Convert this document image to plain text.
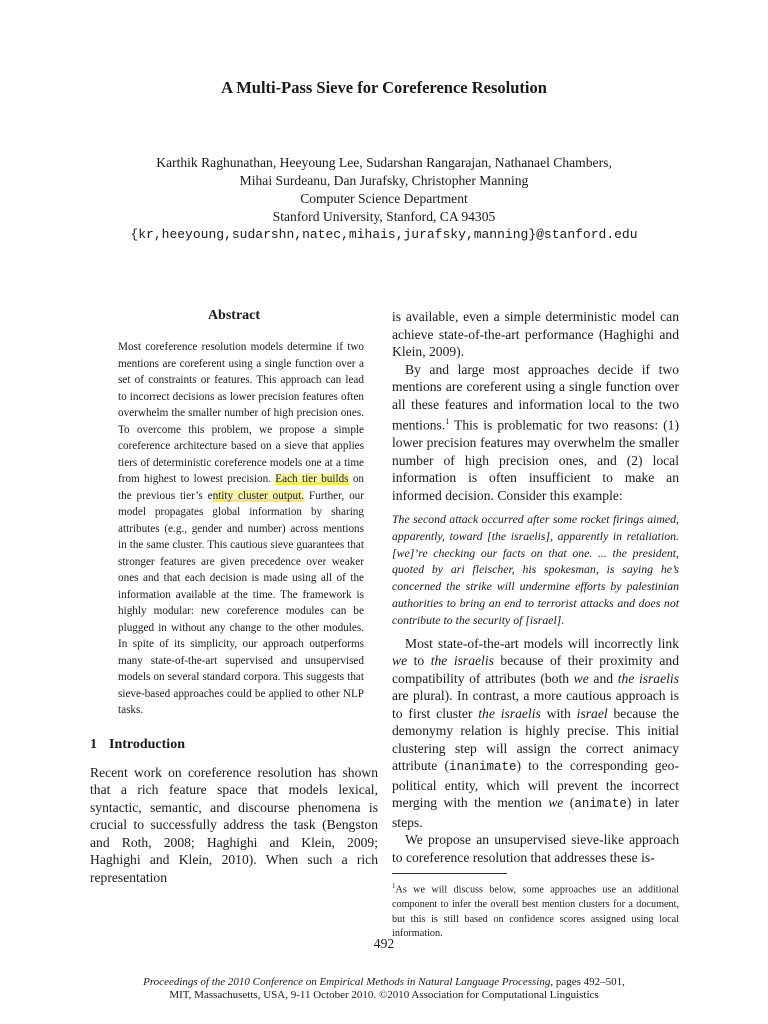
A Multi-Pass Sieve for Coreference Resolution
Karthik Raghunathan, Heeyoung Lee, Sudarshan Rangarajan, Nathanael Chambers,
Mihai Surdeanu, Dan Jurafsky, Christopher Manning
Computer Science Department
Stanford University, Stanford, CA 94305
{kr,heeyoung,sudarshn,natec,mihais,jurafsky,manning}@stanford.edu
Abstract
Most coreference resolution models determine if two mentions are coreferent using a single function over a set of constraints or features. This approach can lead to incorrect decisions as lower precision features often overwhelm the smaller number of high precision ones. To overcome this problem, we propose a simple coreference architecture based on a sieve that applies tiers of deterministic coreference models one at a time from highest to lowest precision. Each tier builds on the previous tier’s entity cluster output. Further, our model propagates global information by sharing attributes (e.g., gender and number) across mentions in the same cluster. This cautious sieve guarantees that stronger features are given precedence over weaker ones and that each decision is made using all of the information available at the time. The framework is highly modular: new coreference modules can be plugged in without any change to the other modules. In spite of its simplicity, our approach outperforms many state-of-the-art supervised and unsupervised models on several standard corpora. This suggests that sieve-based approaches could be applied to other NLP tasks.
1 Introduction

Recent work on coreference resolution has shown that a rich feature space that models lexical, syntactic, semantic, and discourse phenomena is crucial to successfully address the task (Bengston and Roth, 2008; Haghighi and Klein, 2009; Haghighi and Klein, 2010). When such a rich representation

is available, even a simple deterministic model can achieve state-of-the-art performance (Haghighi and Klein, 2009).

By and large most approaches decide if two mentions are coreferent using a single function over all these features and information local to the two mentions.$^1$ This is problematic for two reasons: (1) lower precision features may overwhelm the smaller number of high precision ones, and (2) local information is often insufficient to make an informed decision. Consider this example:

The second attack occurred after some rocket firings aimed, apparently, toward [the israelis], apparently in retaliation. [we]’re checking our facts on that one. ... the president, quoted by ari fleischer, his spokesman, is saying he’s concerned the strike will undermine efforts by palestinian authorities to bring an end to terrorist attacks and does not contribute to the security of [israel].

Most state-of-the-art models will incorrectly link we to the israelis because of their proximity and compatibility of attributes (both we and the israelis are plural). In contrast, a more cautious approach is to first cluster the israelis with israel because the demonymy relation is highly precise. This initial clustering step will assign the correct animacy attribute (inanimate) to the corresponding geo-political entity, which will prevent the incorrect merging with the mention we (animate) in later steps.

We propose an unsupervised sieve-like approach to coreference resolution that addresses these is-

$^1$As we will discuss below, some approaches use an additional component to infer the overall best mention clusters for a document, but this is still based on confidence scores assigned using local information.
492
Proceedings of the 2010 Conference on Empirical Methods in Natural Language Processing, pages 492–501,
MIT, Massachusetts, USA, 9-11 October 2010. ©2010 Association for Computational Linguistics
